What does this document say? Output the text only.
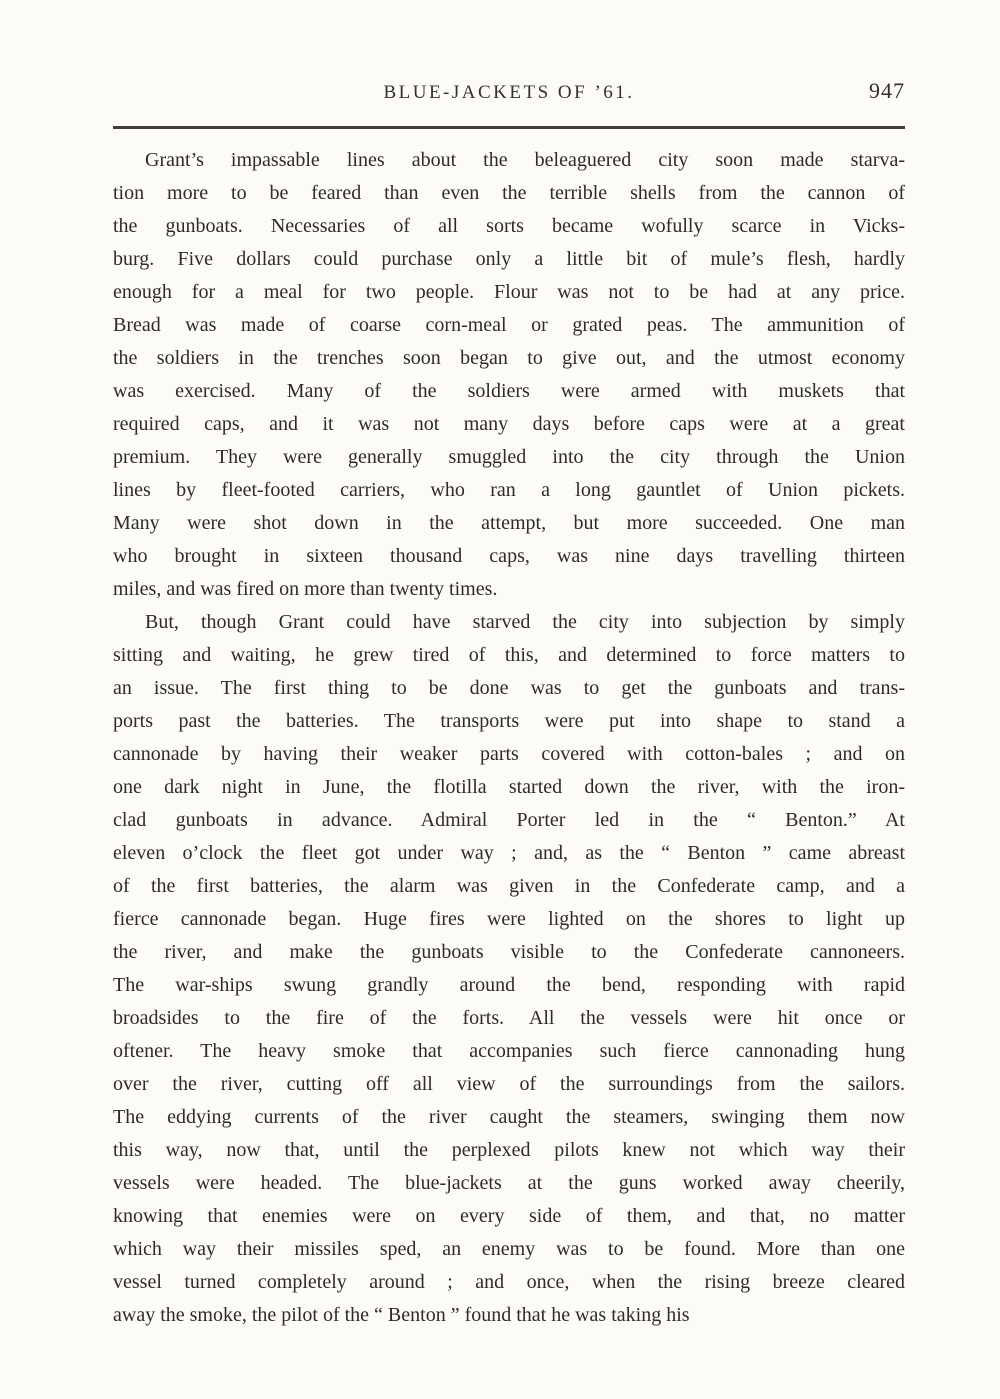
BLUE-JACKETS OF ’61.	947
Grant’s impassable lines about the beleaguered city soon made starva-
tion more to be feared than even the terrible shells from the cannon of
the gunboats. Necessaries of all sorts became wofully scarce in Vicks-
burg. Five dollars could purchase only a little bit of mule’s flesh, hardly
enough for a meal for two people. Flour was not to be had at any price.
Bread was made of coarse corn-meal or grated peas. The ammunition of
the soldiers in the trenches soon began to give out, and the utmost economy
was exercised. Many of the soldiers were armed with muskets that
required caps, and it was not many days before caps were at a great
premium. They were generally smuggled into the city through the Union
lines by fleet-footed carriers, who ran a long gauntlet of Union pickets.
Many were shot down in the attempt, but more succeeded. One man
who brought in sixteen thousand caps, was nine days travelling thirteen
miles, and was fired on more than twenty times.
But, though Grant could have starved the city into subjection by simply
sitting and waiting, he grew tired of this, and determined to force matters to
an issue. The first thing to be done was to get the gunboats and trans-
ports past the batteries. The transports were put into shape to stand a
cannonade by having their weaker parts covered with cotton-bales ; and on
one dark night in June, the flotilla started down the river, with the iron-
clad gunboats in advance. Admiral Porter led in the “ Benton.” At
eleven o’clock the fleet got under way ; and, as the “ Benton ” came abreast
of the first batteries, the alarm was given in the Confederate camp, and a
fierce cannonade began. Huge fires were lighted on the shores to light up
the river, and make the gunboats visible to the Confederate cannoneers.
The war-ships swung grandly around the bend, responding with rapid
broadsides to the fire of the forts. All the vessels were hit once or
oftener. The heavy smoke that accompanies such fierce cannonading hung
over the river, cutting off all view of the surroundings from the sailors.
The eddying currents of the river caught the steamers, swinging them now
this way, now that, until the perplexed pilots knew not which way their
vessels were headed. The blue-jackets at the guns worked away cheerily,
knowing that enemies were on every side of them, and that, no matter
which way their missiles sped, an enemy was to be found. More than one
vessel turned completely around ; and once, when the rising breeze cleared
away the smoke, the pilot of the “ Benton ” found that he was taking his
